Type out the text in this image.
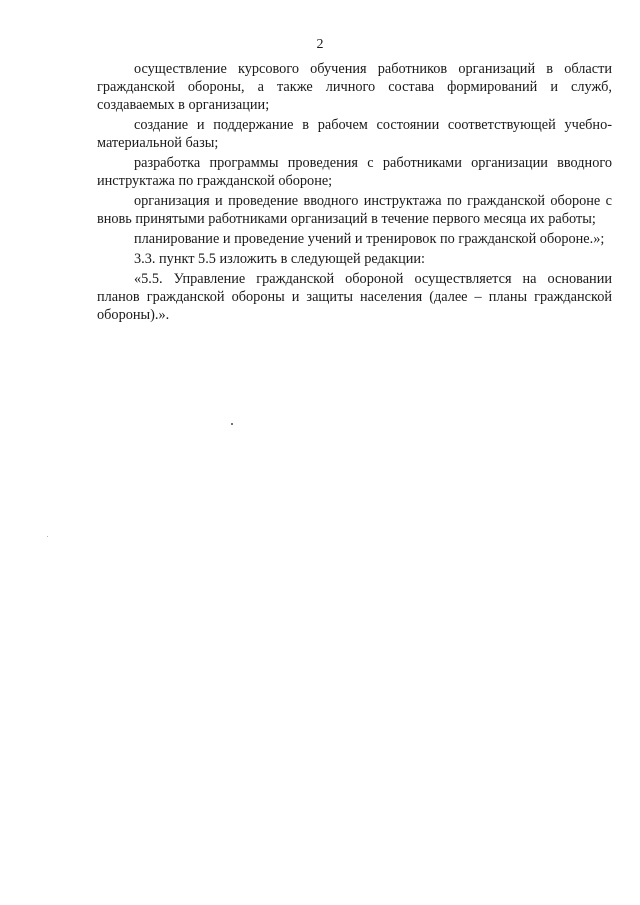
2

осуществление курсового обучения работников организаций в области гражданской обороны, а также личного состава формирований и служб, создаваемых в организации;

создание и поддержание в рабочем состоянии соответствующей учебно-материальной базы;

разработка программы проведения с работниками организации вводного инструктажа по гражданской обороне;

организация и проведение вводного инструктажа по гражданской обороне с вновь принятыми работниками организаций в течение первого месяца их работы;

планирование и проведение учений и тренировок по гражданской обороне.»;

3.3. пункт 5.5 изложить в следующей редакции:

«5.5. Управление гражданской обороной осуществляется на основании планов гражданской обороны и защиты населения (далее – планы гражданской обороны).».
